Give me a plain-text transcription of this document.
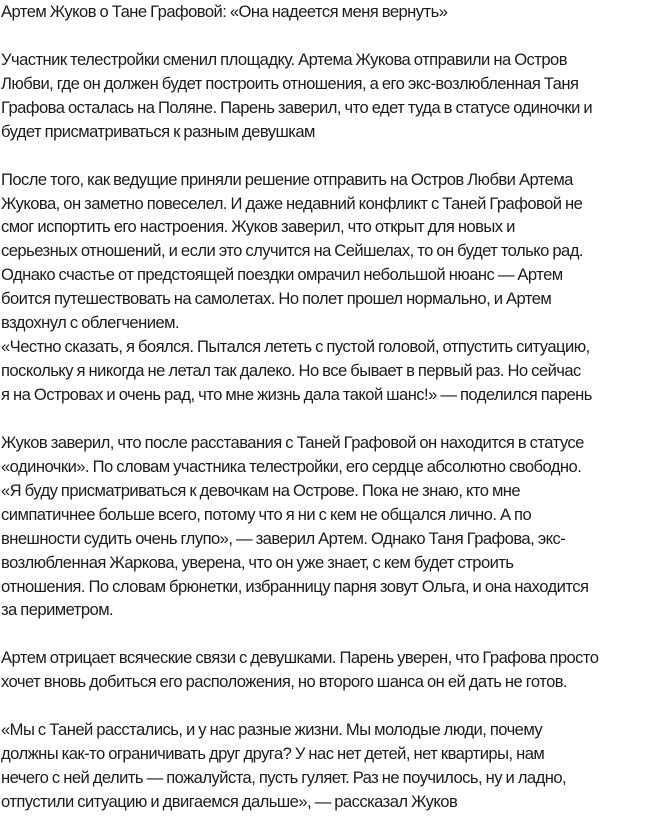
Артем Жуков о Тане Графовой: «Она надеется меня вернуть»
Участник телестройки сменил площадку. Артема Жукова отправили на Остров
Любви, где он должен будет построить отношения, а его экс-возлюбленная Таня
Графова осталась на Поляне. Парень заверил, что едет туда в статусе одиночки и
будет присматриваться к разным девушкам
После того, как ведущие приняли решение отправить на Остров Любви Артема
Жукова, он заметно повеселел. И даже недавний конфликт с Таней Графовой не
смог испортить его настроения. Жуков заверил, что открыт для новых и
серьезных отношений, и если это случится на Сейшелах, то он будет только рад.
Однако счастье от предстоящей поездки омрачил небольшой нюанс — Артем
боится путешествовать на самолетах. Но полет прошел нормально, и Артем
вздохнул с облегчением.
«Честно сказать, я боялся. Пытался лететь с пустой головой, отпустить ситуацию,
поскольку я никогда не летал так далеко. Но все бывает в первый раз. Но сейчас
я на Островах и очень рад, что мне жизнь дала такой шанс!» — поделился парень
Жуков заверил, что после расставания с Таней Графовой он находится в статусе
«одиночки». По словам участника телестройки, его сердце абсолютно свободно.
«Я буду присматриваться к девочкам на Острове. Пока не знаю, кто мне
симпатичнее больше всего, потому что я ни с кем не общался лично. А по
внешности судить очень глупо», — заверил Артем. Однако Таня Графова, экс-
возлюбленная Жаркова, уверена, что он уже знает, с кем будет строить
отношения. По словам брюнетки, избранницу парня зовут Ольга, и она находится
за периметром.
Артем отрицает всяческие связи с девушками. Парень уверен, что Графова просто
хочет вновь добиться его расположения, но второго шанса он ей дать не готов.
«Мы с Таней расстались, и у нас разные жизни. Мы молодые люди, почему
должны как-то ограничивать друг друга? У нас нет детей, нет квартиры, нам
нечего с ней делить — пожалуйста, пусть гуляет. Раз не поучилось, ну и ладно,
отпустили ситуацию и двигаемся дальше», — рассказал Жуков
